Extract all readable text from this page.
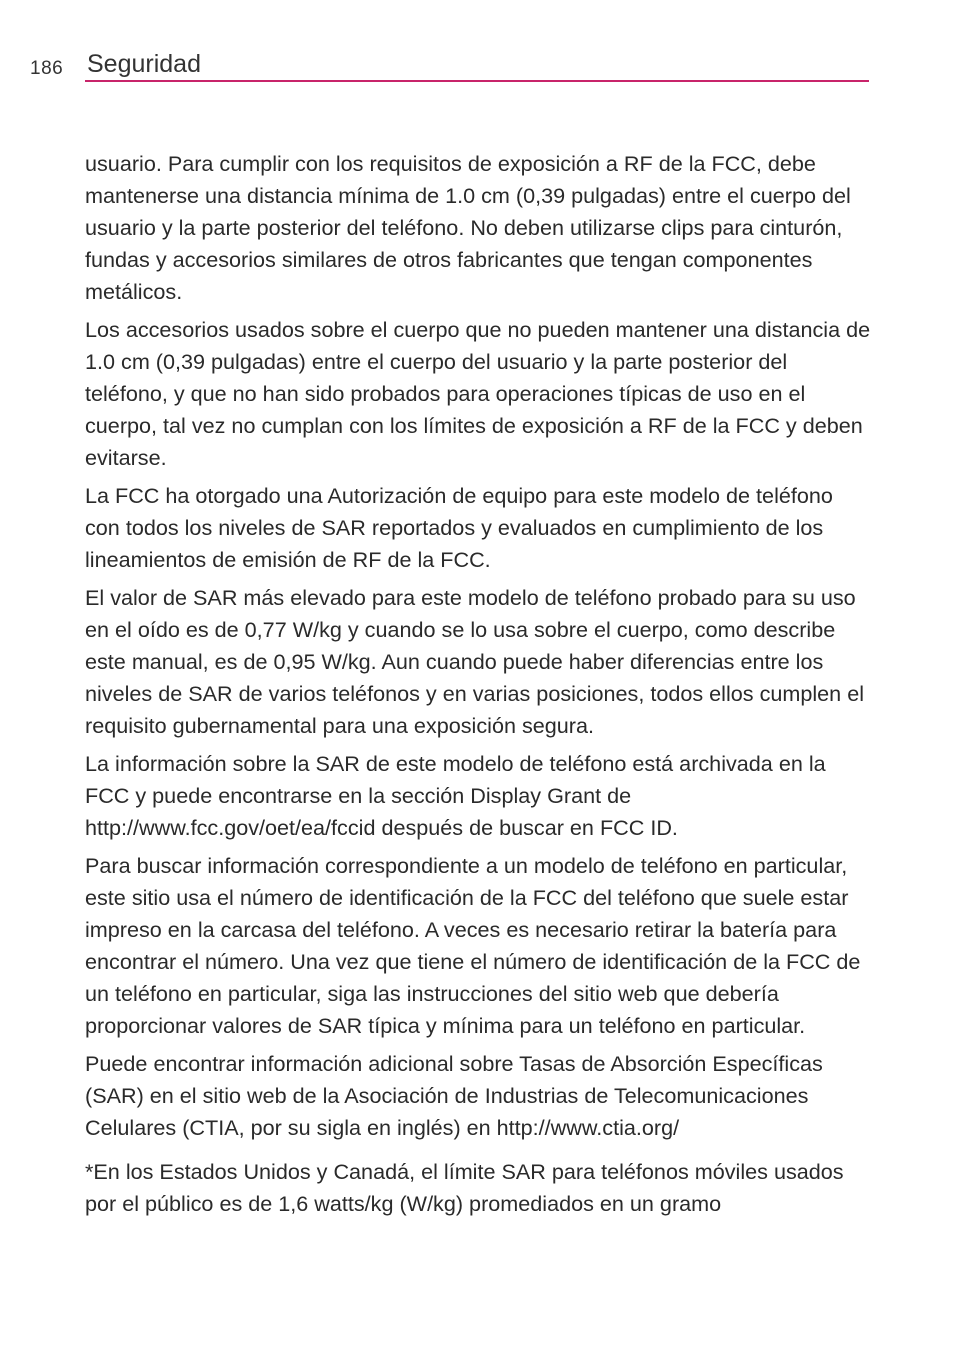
186 Seguridad

usuario. Para cumplir con los requisitos de exposición a RF de la FCC, debe mantenerse una distancia mínima de 1.0 cm (0,39 pulgadas) entre el cuerpo del usuario y la parte posterior del teléfono. No deben utilizarse clips para cinturón, fundas y accesorios similares de otros fabricantes que tengan componentes metálicos.

Los accesorios usados sobre el cuerpo que no pueden mantener una distancia de 1.0 cm (0,39 pulgadas) entre el cuerpo del usuario y la parte posterior del teléfono, y que no han sido probados para operaciones típicas de uso en el cuerpo, tal vez no cumplan con los límites de exposición a RF de la FCC y deben evitarse.

La FCC ha otorgado una Autorización de equipo para este modelo de teléfono con todos los niveles de SAR reportados y evaluados en cumplimiento de los lineamientos de emisión de RF de la FCC.

El valor de SAR más elevado para este modelo de teléfono probado para su uso en el oído es de 0,77 W/kg y cuando se lo usa sobre el cuerpo, como describe este manual, es de 0,95 W/kg. Aun cuando puede haber diferencias entre los niveles de SAR de varios teléfonos y en varias posiciones, todos ellos cumplen el requisito gubernamental para una exposición segura.

La información sobre la SAR de este modelo de teléfono está archivada en la FCC y puede encontrarse en la sección Display Grant de http://www.fcc.gov/oet/ea/fccid después de buscar en FCC ID.

Para buscar información correspondiente a un modelo de teléfono en particular, este sitio usa el número de identificación de la FCC del teléfono que suele estar impreso en la carcasa del teléfono. A veces es necesario retirar la batería para encontrar el número. Una vez que tiene el número de identificación de la FCC de un teléfono en particular, siga las instrucciones del sitio web que debería proporcionar valores de SAR típica y mínima para un teléfono en particular.

Puede encontrar información adicional sobre Tasas de Absorción Específicas (SAR) en el sitio web de la Asociación de Industrias de Telecomunicaciones Celulares (CTIA, por su sigla en inglés) en http://www.ctia.org/

*En los Estados Unidos y Canadá, el límite SAR para teléfonos móviles usados por el público es de 1,6 watts/kg (W/kg) promediados en un gramo
